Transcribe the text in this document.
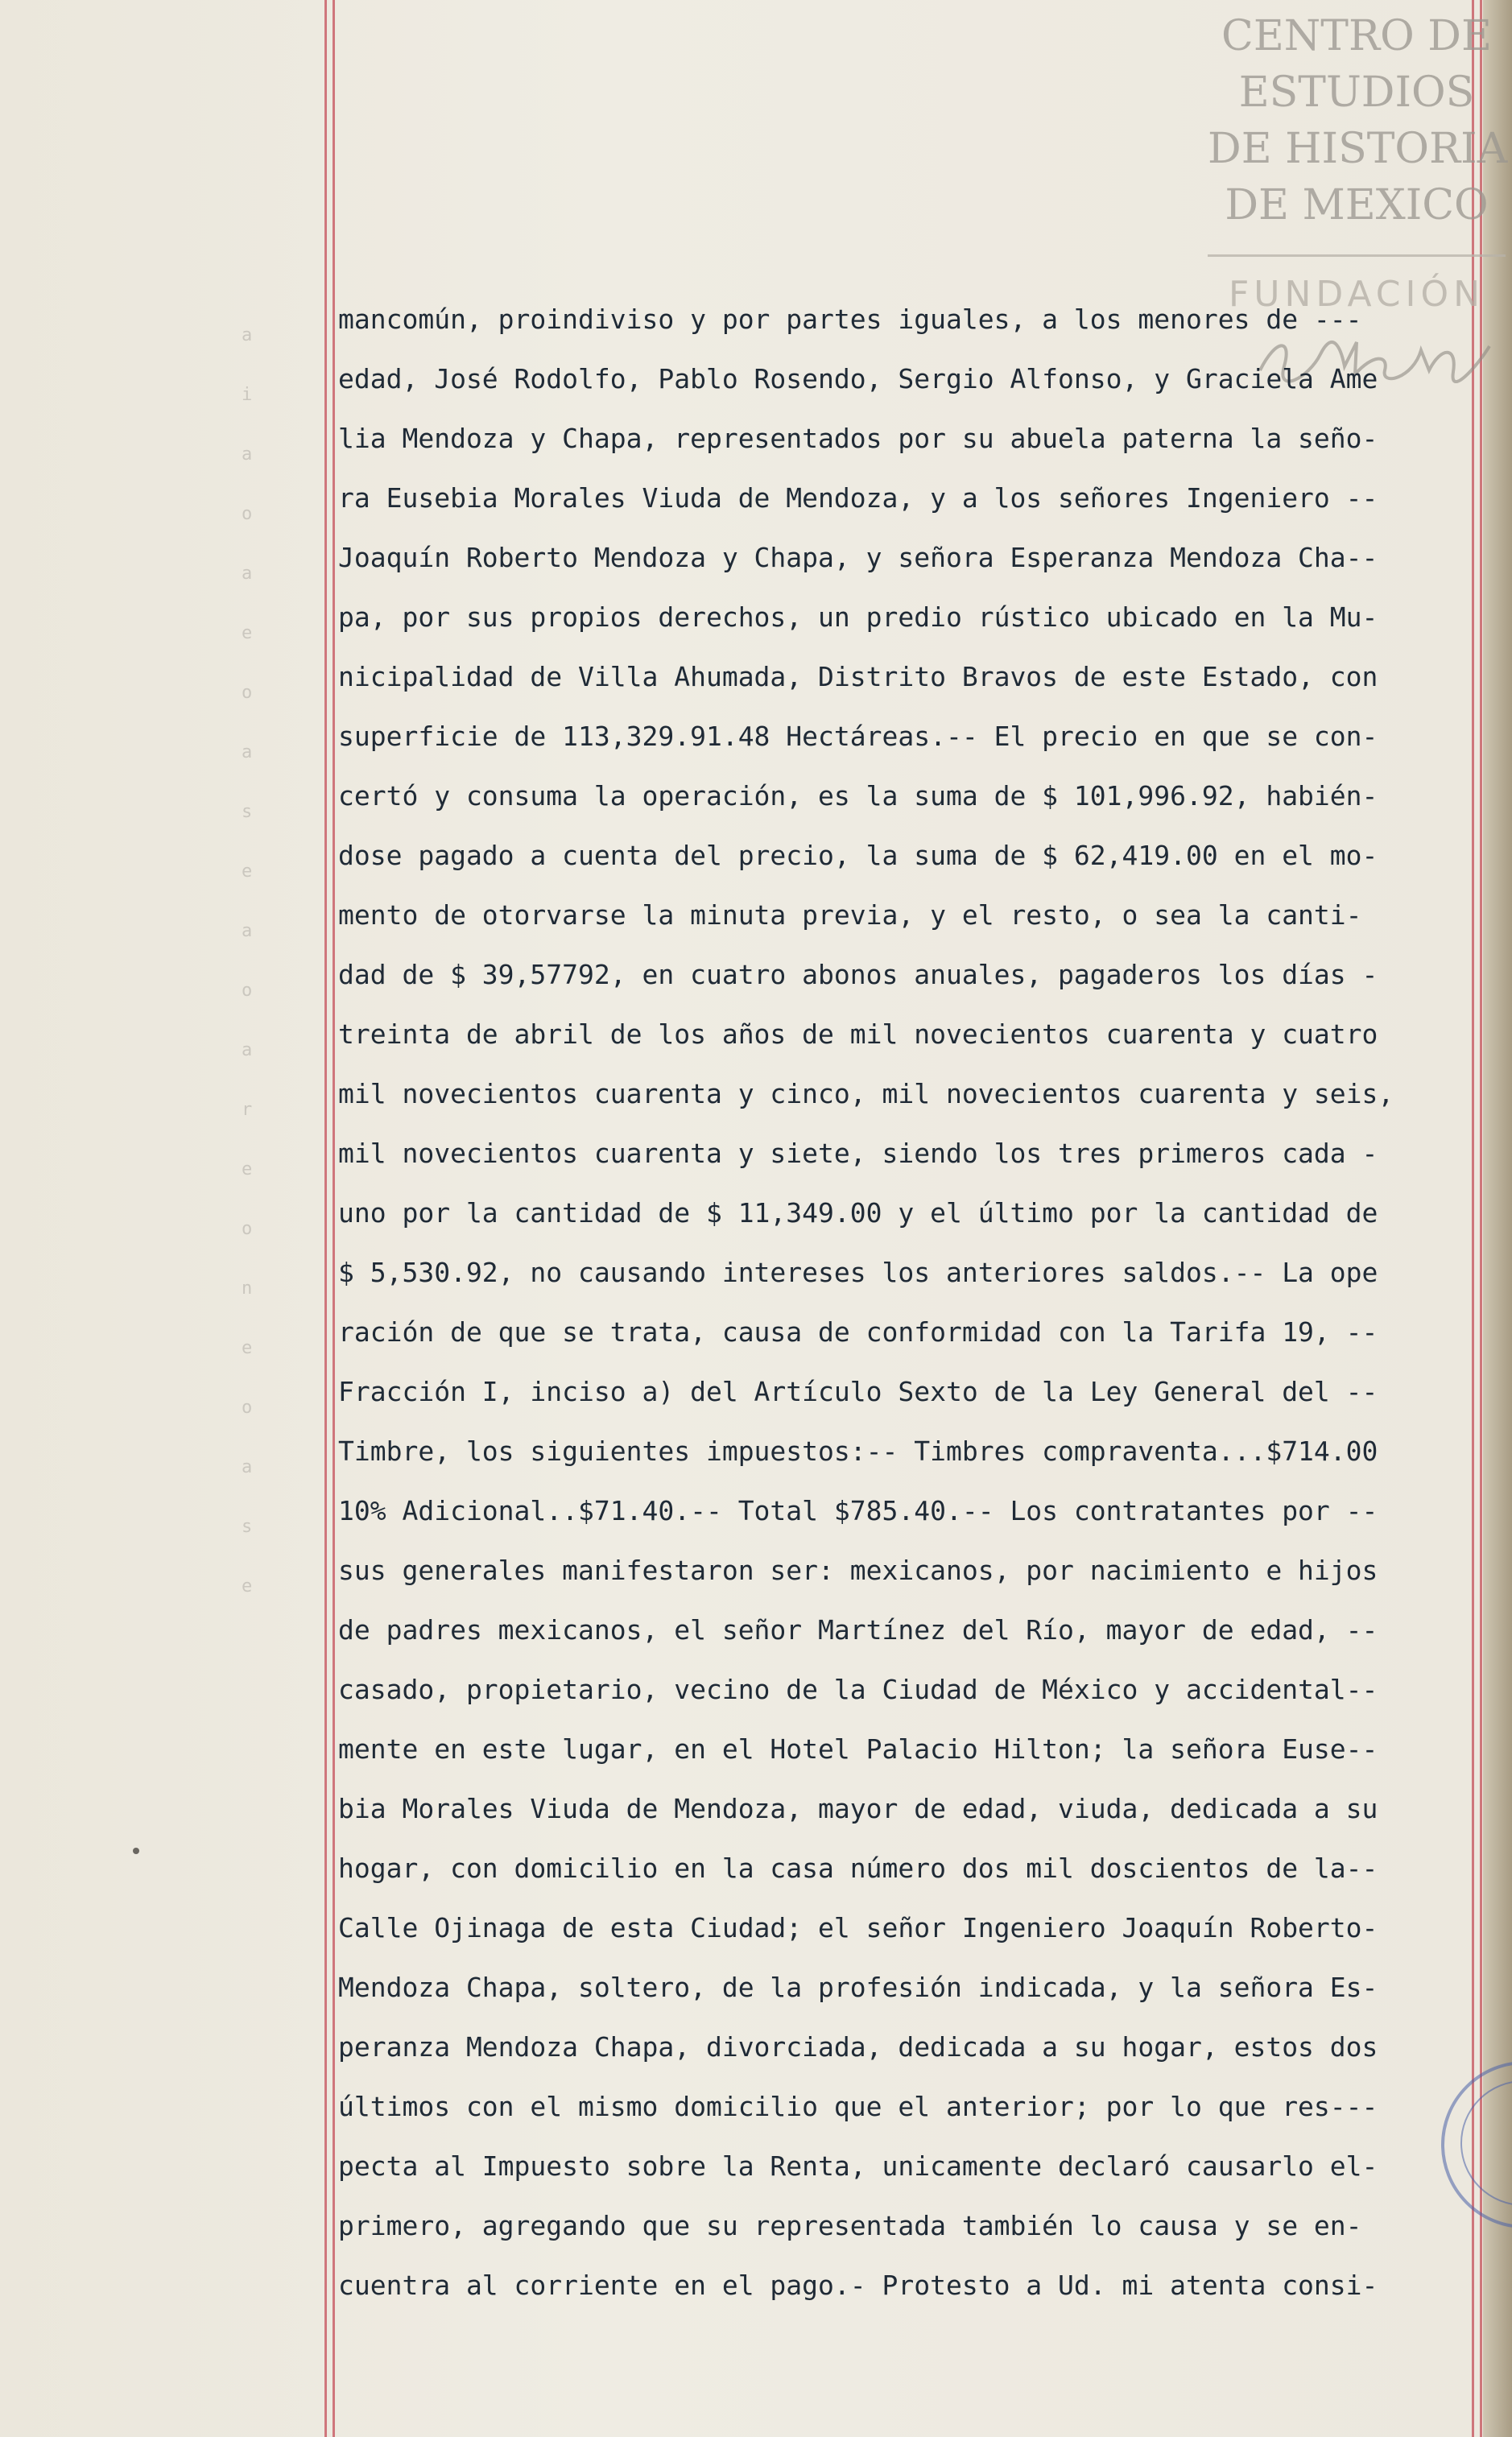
a
i
a
o
a
e
o
a
s
e
a
o
a
r
e
o
n
e
o
a
s
e
CENTRO DE
ESTUDIOS
DE HISTORIA
DE MEXICO
FUNDACIÓN
mancomún, proindiviso y por partes iguales, a los menores de ---
edad, José Rodolfo, Pablo Rosendo, Sergio Alfonso, y Graciela Ame
lia Mendoza y Chapa, representados por su abuela paterna la seño-
ra Eusebia Morales Viuda de Mendoza, y a los señores Ingeniero --
Joaquín Roberto Mendoza y Chapa, y señora Esperanza Mendoza Cha--
pa, por sus propios derechos, un predio rústico ubicado en la Mu-
nicipalidad de Villa Ahumada, Distrito Bravos de este Estado, con
superficie de 113,329.91.48 Hectáreas.-- El precio en que se con-
certó y consuma la operación, es la suma de $ 101,996.92, habién-
dose pagado a cuenta del precio, la suma de $ 62,419.00 en el mo-
mento de otorvarse la minuta previa, y el resto, o sea la canti-
dad de $ 39,57792, en cuatro abonos anuales, pagaderos los días -
treinta de abril de los años de mil novecientos cuarenta y cuatro
mil novecientos cuarenta y cinco, mil novecientos cuarenta y seis,
mil novecientos cuarenta y siete, siendo los tres primeros cada -
uno por la cantidad de $ 11,349.00 y el último por la cantidad de
$ 5,530.92, no causando intereses los anteriores saldos.-- La ope
ración de que se trata, causa de conformidad con la Tarifa 19, --
Fracción I, inciso a) del Artículo Sexto de la Ley General del --
Timbre, los siguientes impuestos:-- Timbres compraventa...$714.00
10% Adicional..$71.40.-- Total $785.40.-- Los contratantes por --
sus generales manifestaron ser: mexicanos, por nacimiento e hijos
de padres mexicanos, el señor Martínez del Río, mayor de edad, --
casado, propietario, vecino de la Ciudad de México y accidental--
mente en este lugar, en el Hotel Palacio Hilton; la señora Euse--
bia Morales Viuda de Mendoza, mayor de edad, viuda, dedicada a su
hogar, con domicilio en la casa número dos mil doscientos de la--
Calle Ojinaga de esta Ciudad; el señor Ingeniero Joaquín Roberto-
Mendoza Chapa, soltero, de la profesión indicada, y la señora Es-
peranza Mendoza Chapa, divorciada, dedicada a su hogar, estos dos
últimos con el mismo domicilio que el anterior; por lo que res---
pecta al Impuesto sobre la Renta, unicamente declaró causarlo el-
primero, agregando que su representada también lo causa y se en-
cuentra al corriente en el pago.- Protesto a Ud. mi atenta consi-
